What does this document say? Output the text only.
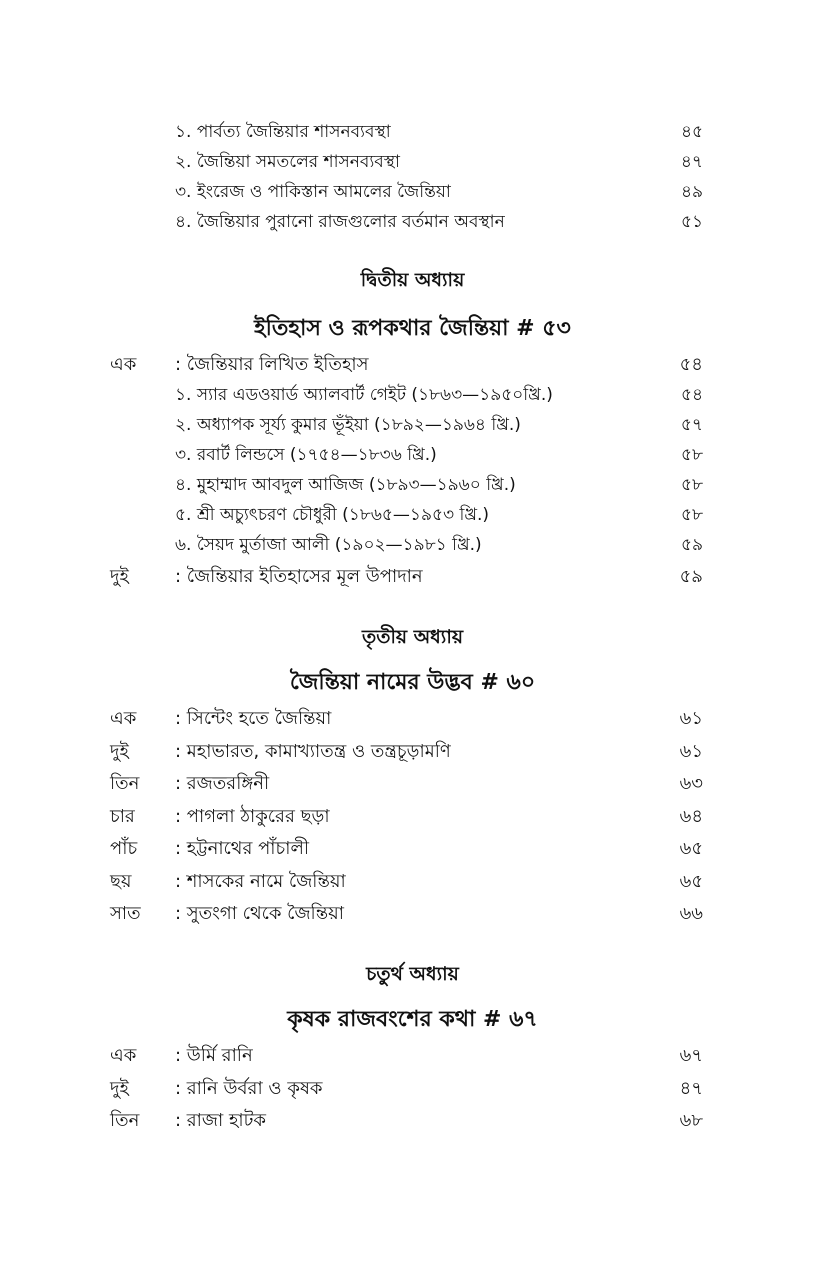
১. পার্বত্য জৈন্তিয়ার শাসনব্যবস্থা	৪৫
২. জৈন্তিয়া সমতলের শাসনব্যবস্থা	৪৭
৩. ইংরেজ ও পাকিস্তান আমলের জৈন্তিয়া	৪৯
৪. জৈন্তিয়ার পুরানো রাজগুলোর বর্তমান অবস্থান	৫১
দ্বিতীয় অধ্যায়
ইতিহাস ও রূপকথার জৈন্তিয়া # ৫৩
এক : জৈন্তিয়ার লিখিত ইতিহাস	৫৪
১. স্যার এডওয়ার্ড অ্যালবার্ট গেইট (১৮৬৩—১৯৫০খ্রি.)	৫৪
২. অধ্যাপক সূর্য্য কুমার ভূঁইয়া (১৮৯২—১৯৬৪ খ্রি.)	৫৭
৩. রবার্ট লিন্ডসে (১৭৫৪—১৮৩৬ খ্রি.)	৫৮
৪. মুহাম্মাদ আবদুল আজিজ (১৮৯৩—১৯৬০ খ্রি.)	৫৮
৫. শ্রী অচ্যুৎচরণ চৌধুরী (১৮৬৫—১৯৫৩ খ্রি.)	৫৮
৬. সৈয়দ মুর্তাজা আলী (১৯০২—১৯৮১ খ্রি.)	৫৯
দুই	: জৈন্তিয়ার ইতিহাসের মূল উপাদান	৫৯
তৃতীয় অধ্যায়
জৈন্তিয়া নামের উদ্ভব # ৬০
এক : সিন্টেং হতে জৈন্তিয়া	৬১
দুই	: মহাভারত, কামাখ্যাতন্ত্র ও তন্ত্রচূড়ামণি	৬১
তিন : রজতরঙ্গিনী	৬৩
চার : পাগলা ঠাকুরের ছড়া	৬৪
পাঁচ : হট্টনাথের পাঁচালী	৬৫
ছয় : শাসকের নামে জৈন্তিয়া	৬৫
সাত : সুতংগা থেকে জৈন্তিয়া	৬৬
চতুর্থ অধ্যায়
কৃষক রাজবংশের কথা # ৬৭
এক : উর্মি রানি	৬৭
দুই	: রানি উর্বরা ও কৃষক	৪৭
তিন : রাজা হাটক	৬৮
